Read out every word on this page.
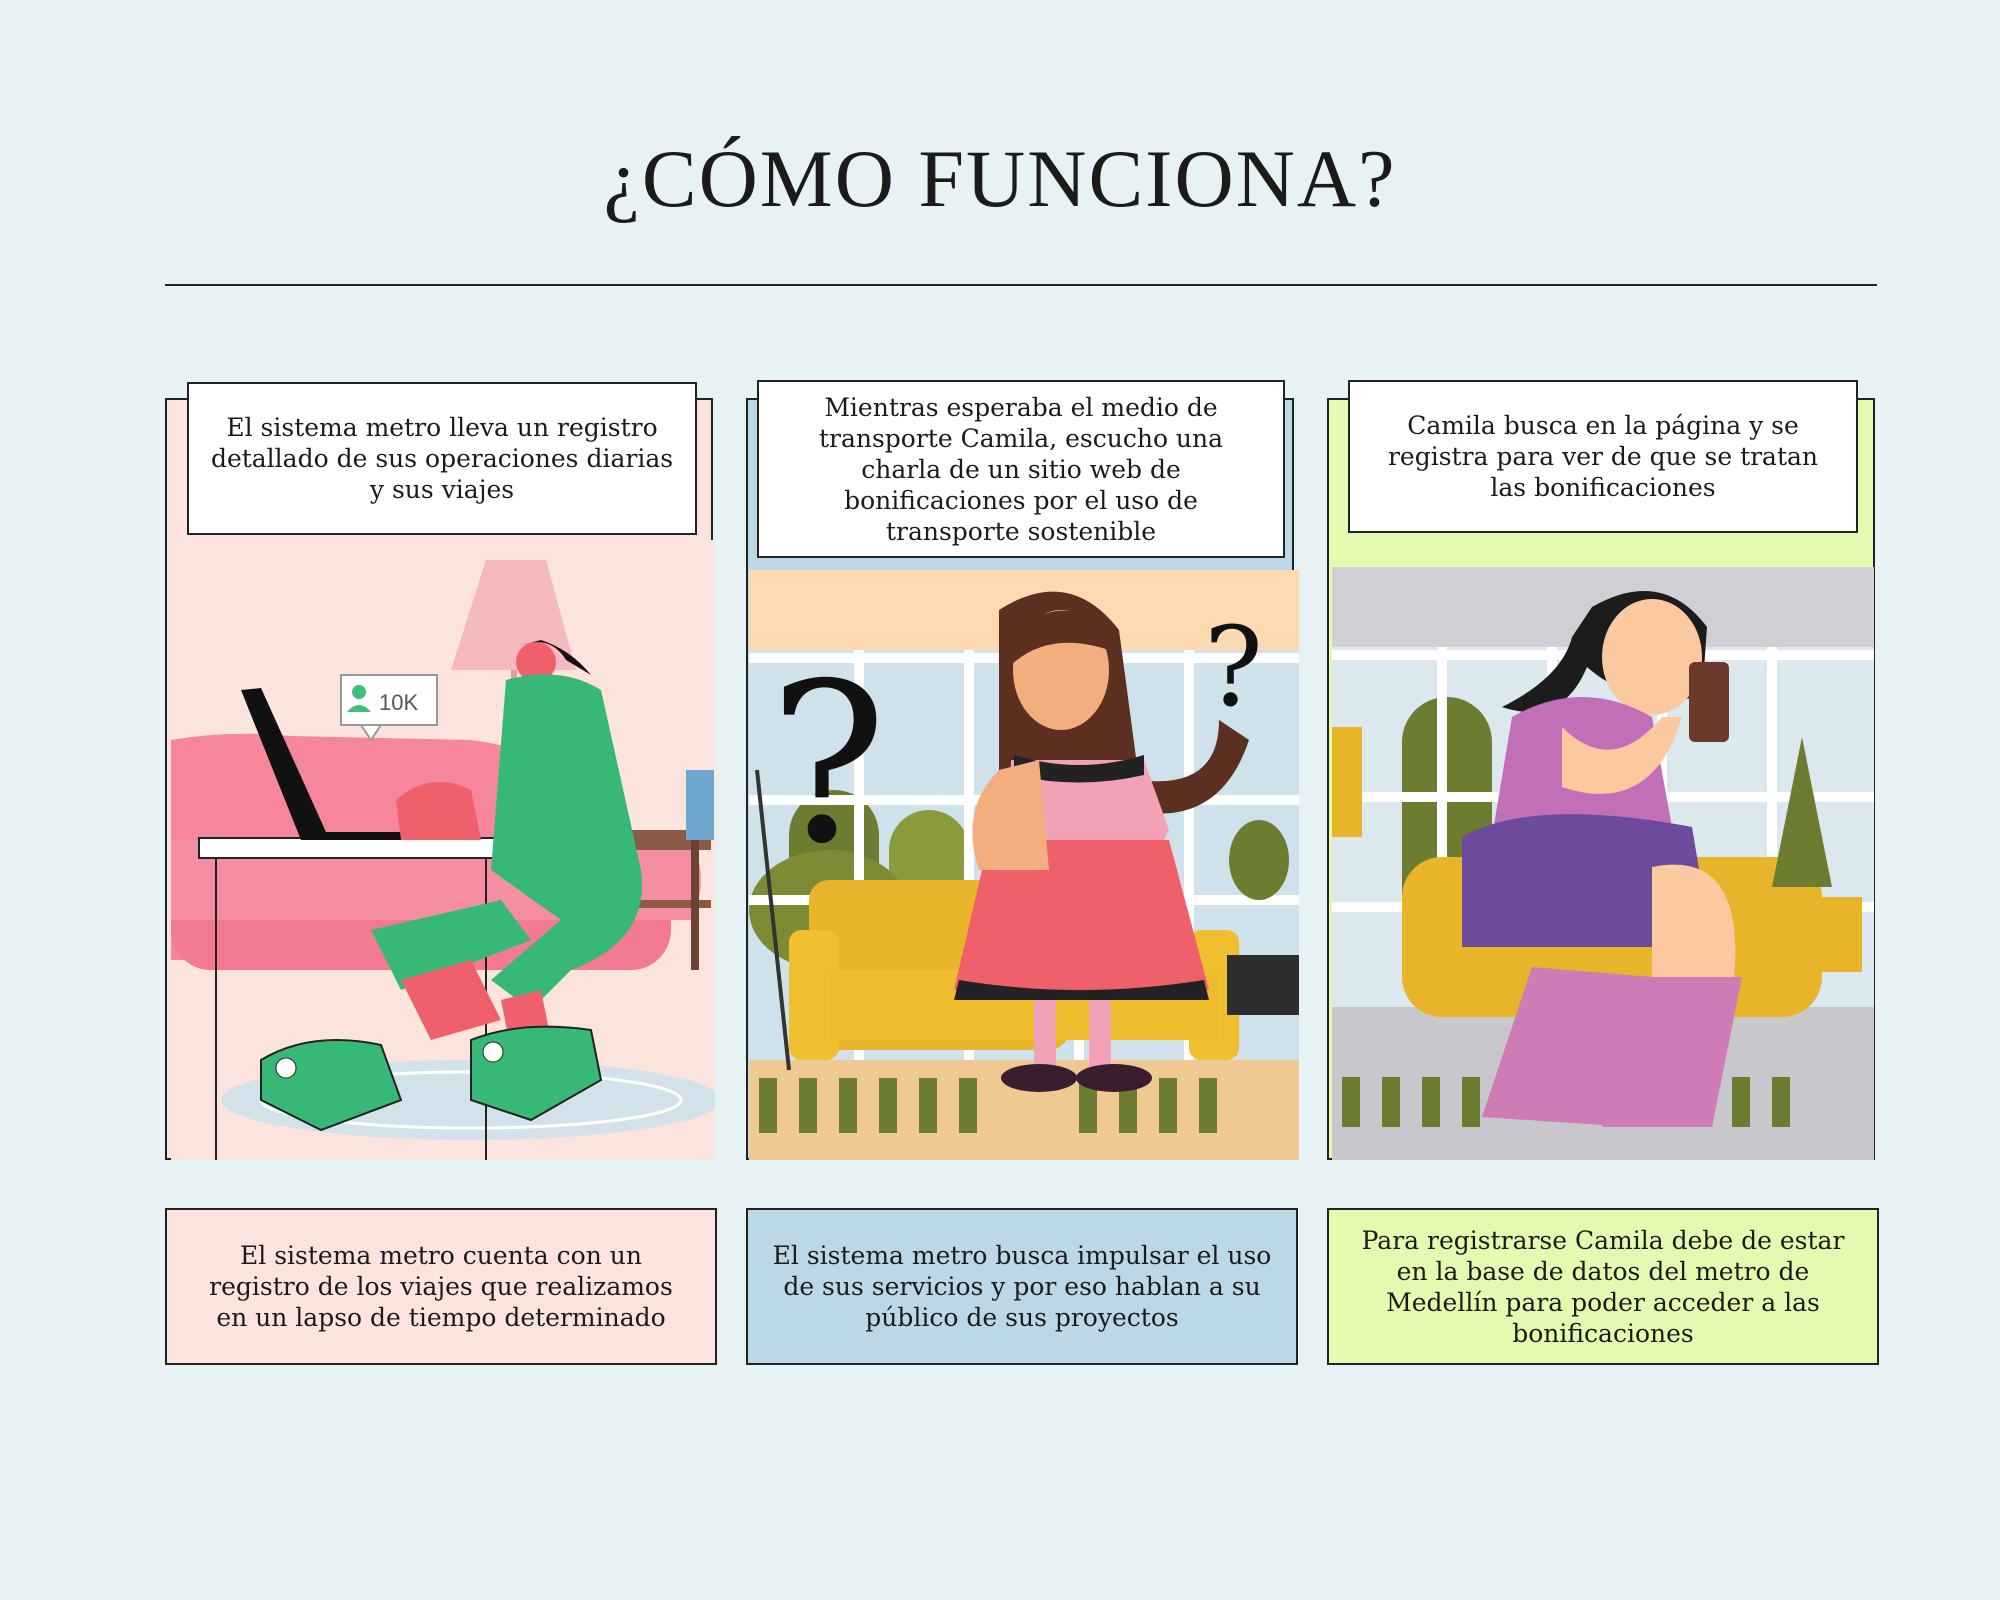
¿CÓMO FUNCIONA?
10K ?	?
El sistema metro lleva un registro detallado de sus operaciones diarias y sus viajes
Mientras esperaba el medio de transporte Camila, escucho una charla de un sitio web de bonificaciones por el uso de transporte sostenible
Camila busca en la página y se registra para ver de que se tratan las bonificaciones
El sistema metro cuenta con un registro de los viajes que realizamos en un lapso de tiempo determinado
El sistema metro busca impulsar el uso de sus servicios y por eso hablan a su público de sus proyectos
Para registrarse Camila debe de estar en la base de datos del metro de Medellín para poder acceder a las bonificaciones
